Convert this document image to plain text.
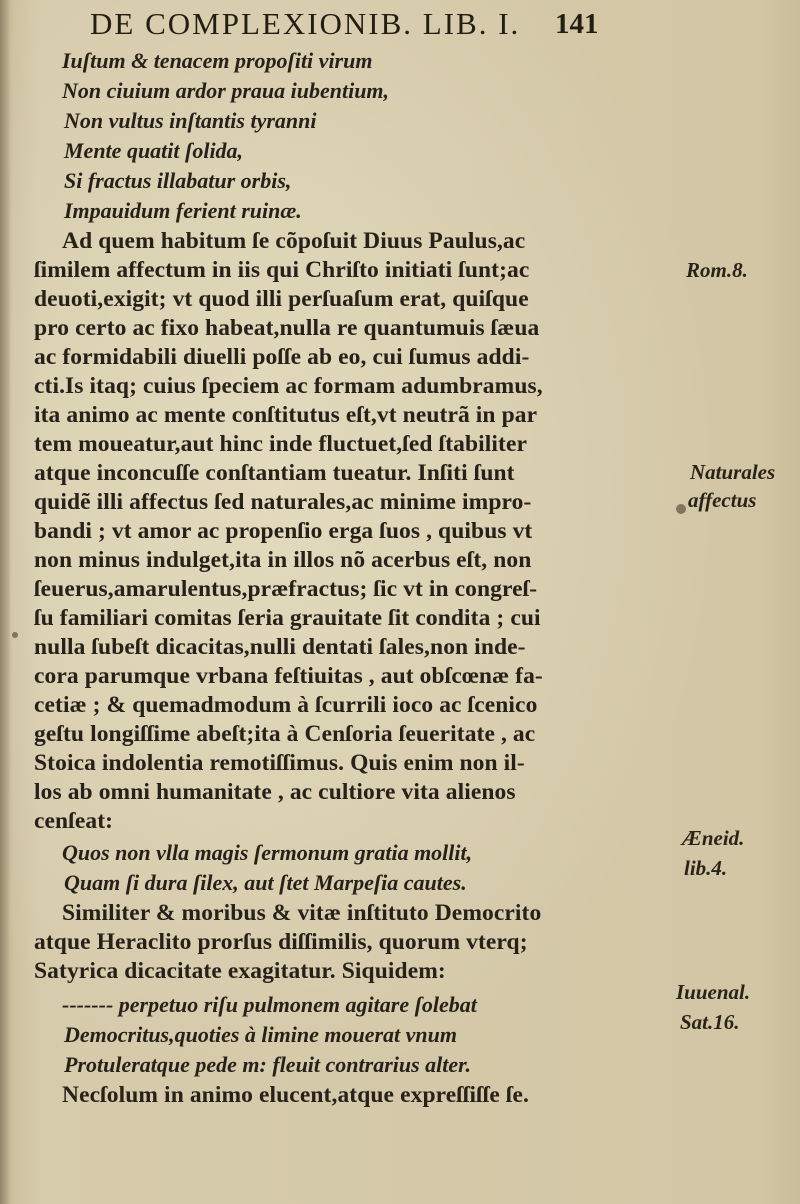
DE COMPLEXIONIB. LIB. I.	141
Iuſtum & tenacem propoſiti virum
Non ciuium ardor praua iubentium,
Non vultus inſtantis tyranni
Mente quatit ſolida,
Si fractus illabatur orbis,
Impauidum ferient ruinæ.
Ad quem habitum ſe cõpoſuit Diuus Paulus,ac
ſimilem affectum in iis qui Chriſto initiati ſunt;ac
deuoti,exigit; vt quod illi perſuaſum erat, quiſque
pro certo ac fixo habeat,nulla re quantumuis ſæua
ac formidabili diuelli poſſe ab eo, cui ſumus addi-
cti.Is itaq; cuius ſpeciem ac formam adumbramus,
ita animo ac mente conſtitutus eſt,vt neutrã in par
tem moueatur,aut hinc inde fluctuet,ſed ſtabiliter
atque inconcuſſe conſtantiam tueatur. Inſiti ſunt
quidẽ illi affectus ſed naturales,ac minime impro-
bandi ; vt amor ac propenſio erga ſuos , quibus vt
non minus indulget,ita in illos nõ acerbus eſt, non
ſeuerus,amarulentus,præfractus; ſic vt in congreſ-
ſu familiari comitas ſeria grauitate ſit condita ; cui
nulla ſubeſt dicacitas,nulli dentati ſales,non inde-
cora parumque vrbana feſtiuitas , aut obſcœnæ fa-
cetiæ ; & quemadmodum à ſcurrili ioco ac ſcenico
geſtu longiſſime abeſt;ita à Cenſoria ſeueritate , ac
Stoica indolentia remotiſſimus. Quis enim non il-
los ab omni humanitate , ac cultiore vita alienos
cenſeat:
Quos non vlla magis ſermonum gratia mollit,
Quam ſi dura ſilex, aut ſtet Marpeſia cautes.
Similiter & moribus & vitæ inſtituto Democrito
atque Heraclito prorſus diſſimilis, quorum vterq;
Satyrica dicacitate exagitatur. Siquidem:
------- perpetuo riſu pulmonem agitare ſolebat
Democritus,quoties à limine mouerat vnum
Protuleratque pede m: fleuit contrarius alter.
Necſolum in animo elucent,atque expreſſiſſe ſe.
Rom.8.
Naturales
affectus
Æneid.
lib.4.
Iuuenal.
Sat.16.
